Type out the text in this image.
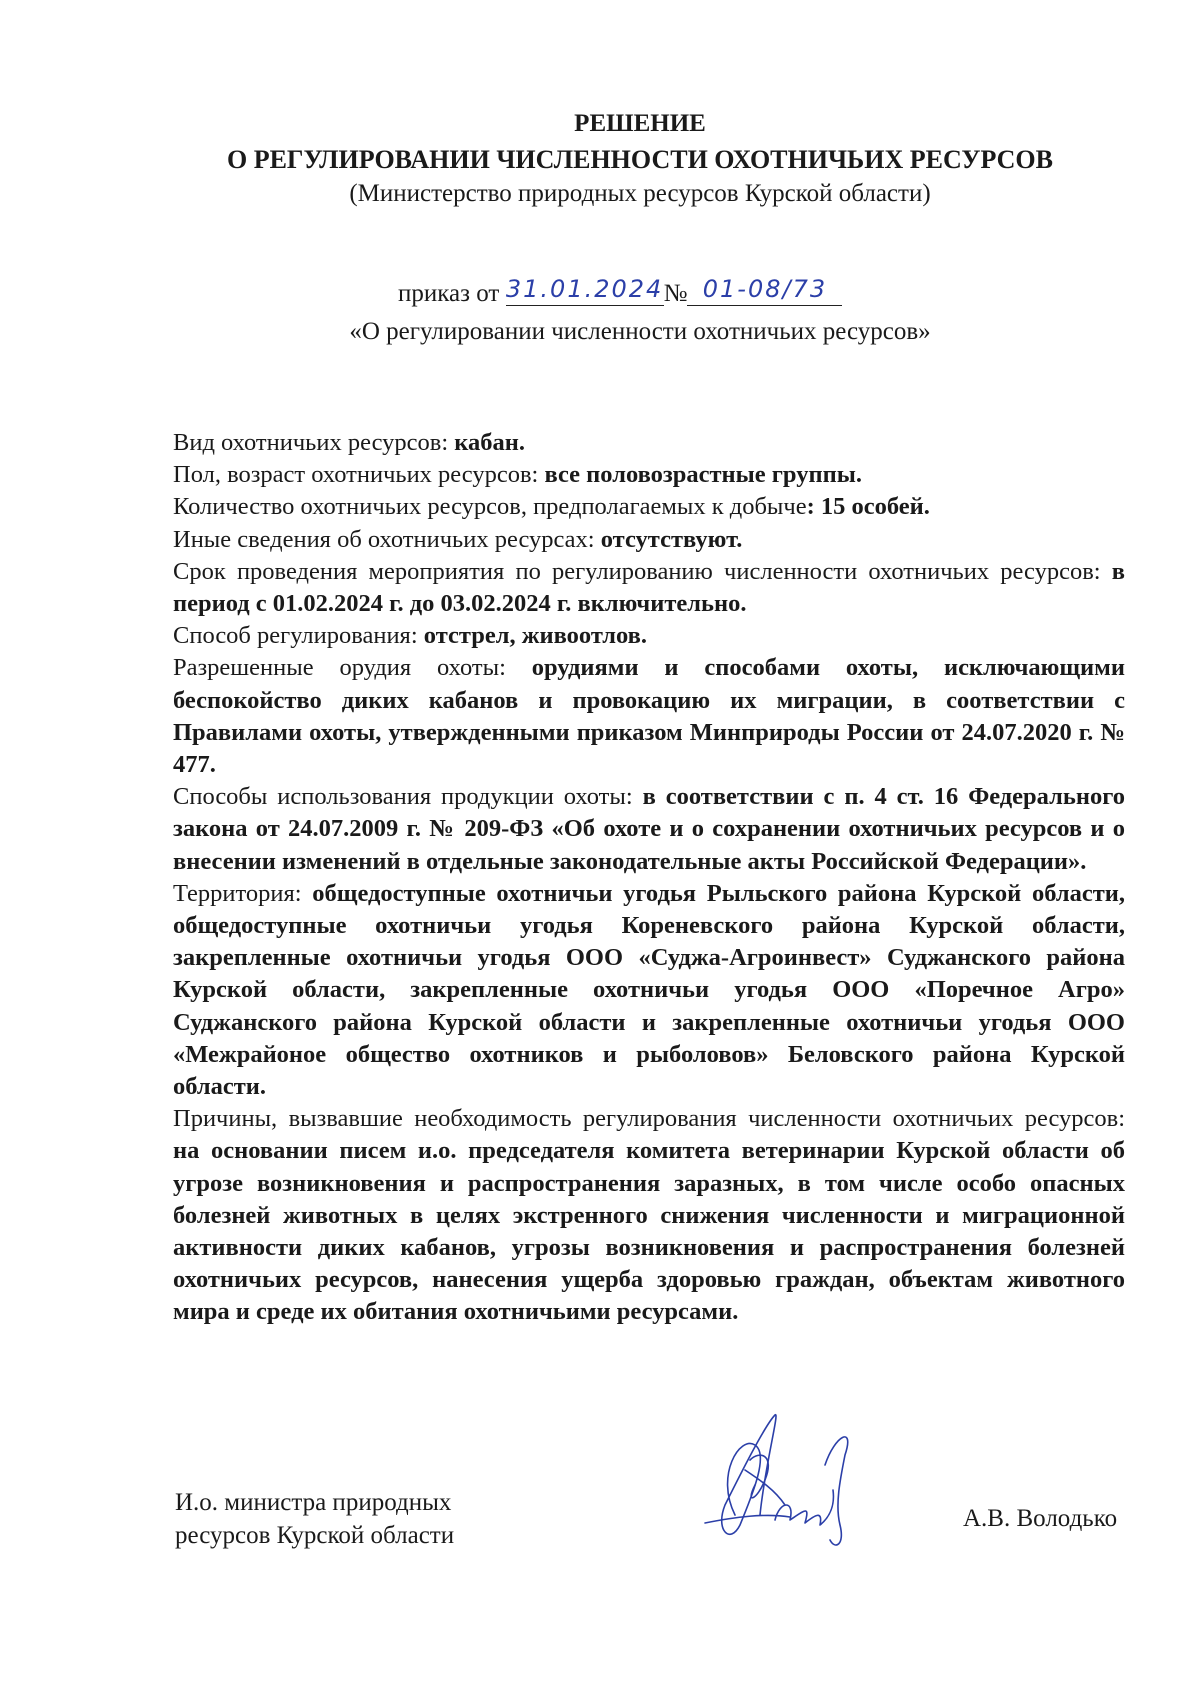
РЕШЕНИЕ
О РЕГУЛИРОВАНИИ ЧИСЛЕННОСТИ ОХОТНИЧЬИХ РЕСУРСОВ
(Министерство природных ресурсов Курской области)
приказ от 31.01.2024№ 01-08/73
«О регулировании численности охотничьих ресурсов»

Вид охотничьих ресурсов: кабан.

Пол, возраст охотничьих ресурсов: все половозрастные группы.

Количество охотничьих ресурсов, предполагаемых к добыче: 15 особей.

Иные сведения об охотничьих ресурсах: отсутствуют.

Срок проведения мероприятия по регулированию численности охотничьих ресурсов: в период с 01.02.2024 г. до 03.02.2024 г. включительно.

Способ регулирования: отстрел, живоотлов.

Разрешенные орудия охоты: орудиями и способами охоты, исключающими беспокойство диких кабанов и провокацию их миграции, в соответствии с Правилами охоты, утвержденными приказом Минприроды России от 24.07.2020 г. № 477.

Способы использования продукции охоты: в соответствии с п. 4 ст. 16 Федерального закона от 24.07.2009 г. № 209-ФЗ «Об охоте и о сохранении охотничьих ресурсов и о внесении изменений в отдельные законодательные акты Российской Федерации».

Территория: общедоступные охотничьи угодья Рыльского района Курской области, общедоступные охотничьи угодья Кореневского района Курской области, закрепленные охотничьи угодья ООО «Суджа-Агроинвест» Суджанского района Курской области, закрепленные охотничьи угодья ООО «Поречное Агро» Суджанского района Курской области и закрепленные охотничьи угодья ООО «Межрайоное общество охотников и рыболовов» Беловского района Курской области.

Причины, вызвавшие необходимость регулирования численности охотничьих ресурсов: на основании писем и.о. председателя комитета ветеринарии Курской области об угрозе возникновения и распространения заразных, в том числе особо опасных болезней животных в целях экстренного снижения численности и миграционной активности диких кабанов, угрозы возникновения и распространения болезней охотничьих ресурсов, нанесения ущерба здоровью граждан, объектам животного мира и среде их обитания охотничьими ресурсами.

И.о. министра природных
ресурсов Курской области
А.В. Володько
